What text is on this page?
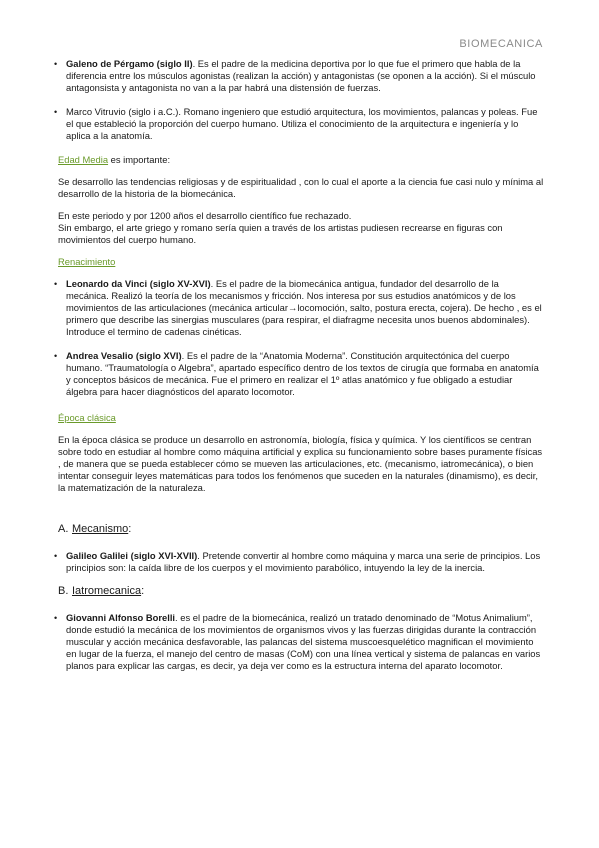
BIOMECANICA

• Galeno de Pérgamo (siglo II). Es el padre de la medicina deportiva por lo que fue el primero que habla de la diferencia entre los músculos agonistas (realizan la acción) y antagonistas (se oponen a la acción). Si el músculo antagonsista y antagonista no van a la par habrá una distensión de fuerzas.

• Marco Vitruvio (siglo i a.C.). Romano ingeniero que estudió arquitectura, los movimientos, palancas y poleas. Fue el que estableció la proporción del cuerpo humano. Utiliza el conocimiento de la arquitectura e ingeniería y lo aplica a la anatomía.

Edad Media es importante:

Se desarrollo las tendencias religiosas y de espiritualidad , con lo cual el aporte a la ciencia fue casi nulo y mínima al desarrollo de la historia de la biomecánica.

En este periodo y por 1200 años el desarrollo científico fue rechazado.

Sin embargo, el arte griego y romano sería quien a través de los artistas pudiesen recrearse en figuras con movimientos del cuerpo humano.

Renacimiento

• Leonardo da Vinci (siglo XV-XVI). Es el padre de la biomecánica antigua, fundador del desarrollo de la mecánica. Realizó la teoría de los mecanismos y fricción. Nos interesa por sus estudios anatómicos y de los movimientos de las articulaciones (mecánica articular→locomoción, salto, postura erecta, cojera). De hecho , es el primero que describe las sinergias musculares (para respirar, el diafragme necesita unos buenos abdominales). Introduce el termino de cadenas cinéticas.

• Andrea Vesalio (siglo XVI). Es el padre de la “Anatomia Moderna”. Constitución arquitectónica del cuerpo humano. “Traumatología o Algebra”, apartado específico dentro de los textos de cirugía que formaba en anatomía y conceptos básicos de mecánica. Fue el primero en realizar el 1º atlas anatómico y fue obligado a estudiar álgebra para hacer diagnósticos del aparato locomotor.

Época clásica

En la época clásica se produce un desarrollo en astronomía, biología, física y química. Y los científicos se centran sobre todo en estudiar al hombre como máquina artificial y explica su funcionamiento sobre bases puramente físicas , de manera que se pueda establecer cómo se mueven las articulaciones, etc. (mecanismo, iatromecánica), o bien intentar conseguir leyes matemáticas para todos los fenómenos que suceden en la naturales (dinamismo), es decir, la matematización de la naturaleza.

A. Mecanismo:

• Galileo Galilei (siglo XVI-XVII). Pretende convertir al hombre como máquina y marca una serie de principios. Los principios son: la caída libre de los cuerpos y el movimiento parabólico, intuyendo la ley de la inercia.

B. Iatromecanica:

• Giovanni Alfonso Borelli. es el padre de la biomecánica, realizó un tratado denominado de “Motus Animalium”, donde estudió la mecánica de los movimientos de organismos vivos y las fuerzas dirigidas durante la contracción muscular y acción mecánica desfavorable, las palancas del sistema muscoesquelético magnifican el movimiento en lugar de la fuerza, el manejo del centro de masas (CoM) con una línea vertical y sistema de palancas en varios planos para explicar las cargas, es decir, ya deja ver como es la estructura interna del aparato locomotor.
